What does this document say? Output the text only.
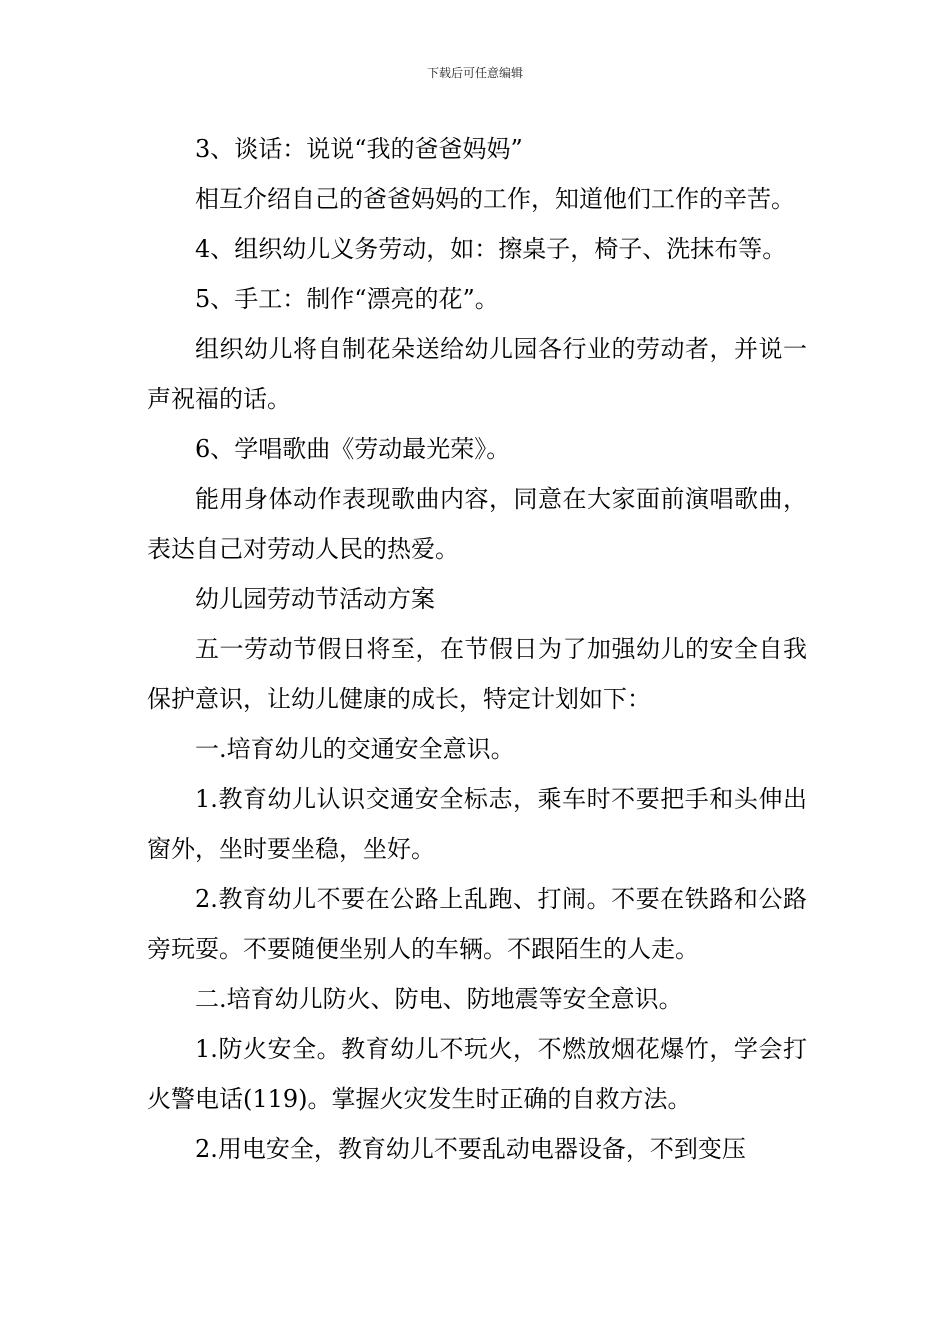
下载后可任意编辑

3、谈话：说说“我的爸爸妈妈”

相互介绍自己的爸爸妈妈的工作，知道他们工作的辛苦。

4、组织幼儿义务劳动，如：擦桌子，椅子、洗抹布等。

5、手工：制作“漂亮的花”。

组织幼儿将自制花朵送给幼儿园各行业的劳动者，并说一声祝福的话。

6、学唱歌曲《劳动最光荣》。

能用身体动作表现歌曲内容，同意在大家面前演唱歌曲，表达自己对劳动人民的热爱。

幼儿园劳动节活动方案

五一劳动节假日将至，在节假日为了加强幼儿的安全自我保护意识，让幼儿健康的成长，特定计划如下：

一.培育幼儿的交通安全意识。

1.教育幼儿认识交通安全标志，乘车时不要把手和头伸出窗外，坐时要坐稳，坐好。

2.教育幼儿不要在公路上乱跑、打闹。不要在铁路和公路旁玩耍。不要随便坐别人的车辆。不跟陌生的人走。

二.培育幼儿防火、防电、防地震等安全意识。

1.防火安全。教育幼儿不玩火，不燃放烟花爆竹，学会打火警电话(119)。掌握火灾发生时正确的自救方法。

2.用电安全，教育幼儿不要乱动电器设备，不到变压
